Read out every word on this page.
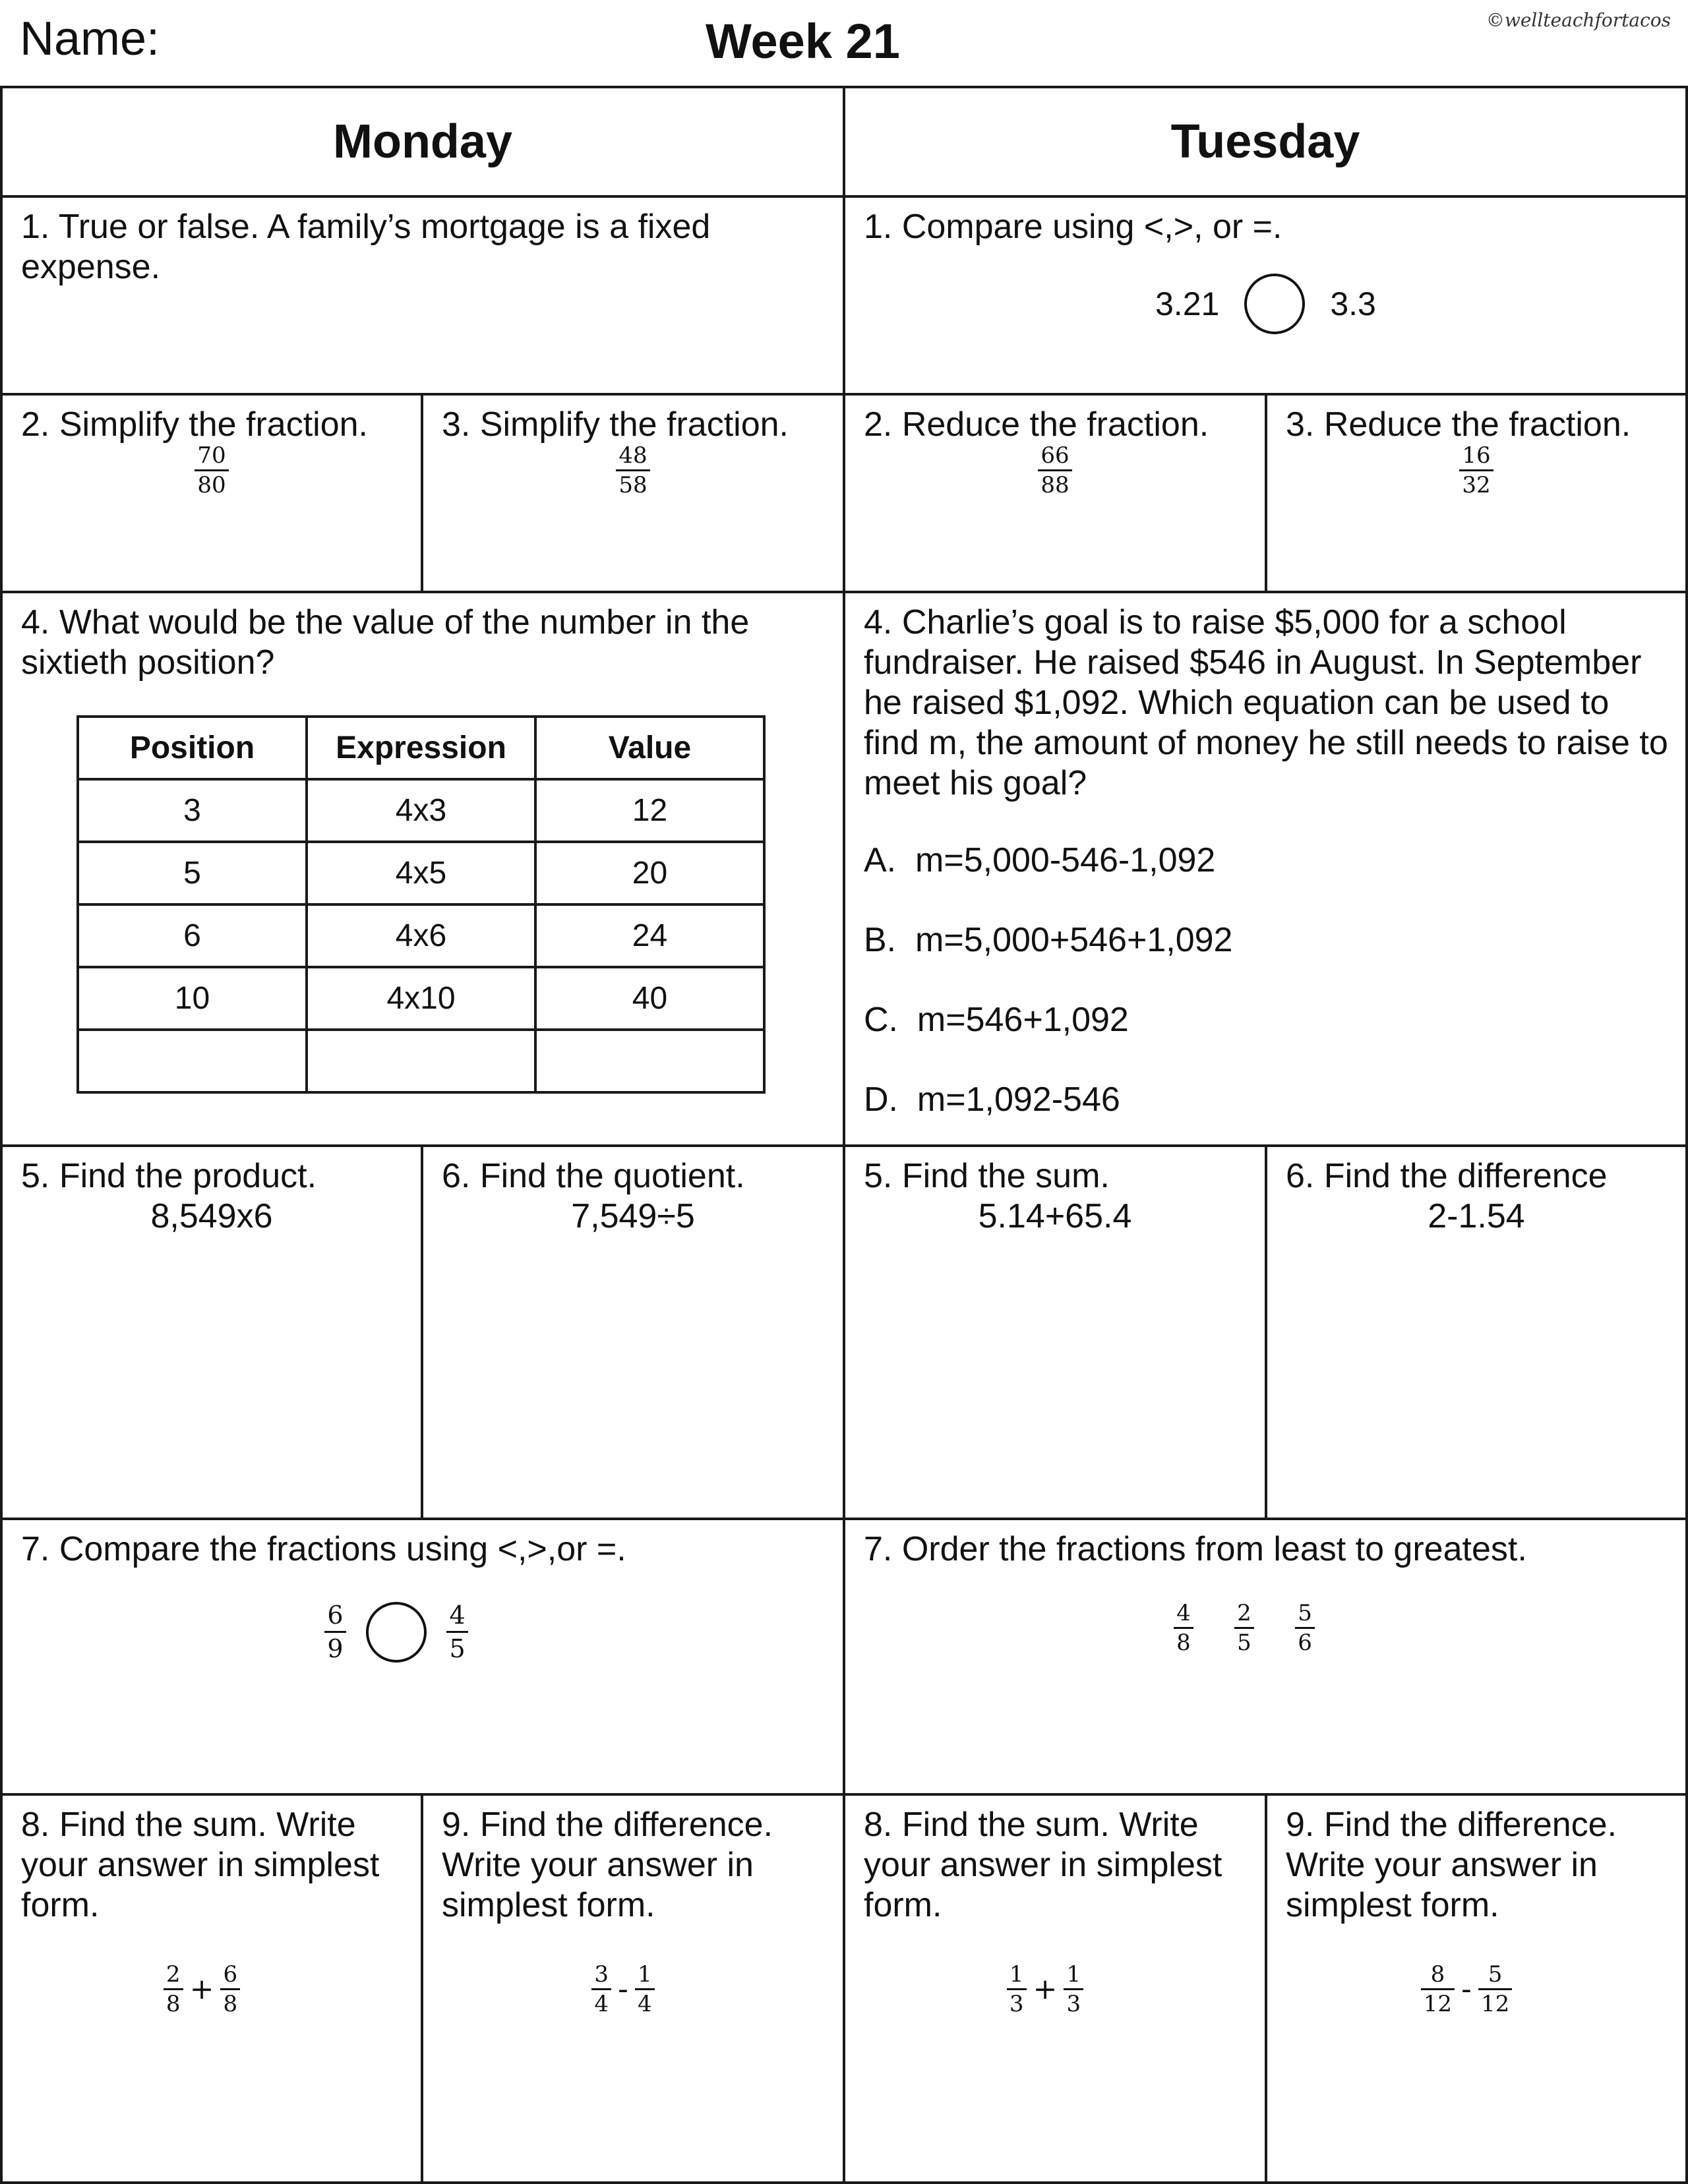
Name:	Week 21	©wellteachfortacos
Monday	Tuesday
1. True or false. A family’s mortgage is a fixed expense.
1. Compare using <,>, or =.
3.21	3.3
2. Simplify the fraction.
$\frac{70}{80}$
3. Simplify the fraction.
$\frac{48}{58}$
2. Reduce the fraction.
$\frac{66}{88}$
3. Reduce the fraction.
$\frac{16}{32}$
4. What would be the value of the number in the sixtieth position?
Position	Expression	Value
3	4x3	12
5	4x5	20
6	4x6	24
10	4x10	40

4. Charlie’s goal is to raise $5,000 for a school fundraiser. He raised $546 in August. In September he raised $1,092. Which equation can be used to find m, the amount of money he still needs to raise to meet his goal?
A.  m=5,000-546-1,092
B.  m=5,000+546+1,092
C.  m=546+1,092
D.  m=1,092-546
5. Find the product.
8,549x6
6. Find the quotient.
7,549÷5
5. Find the sum.
5.14+65.4
6. Find the difference
2-1.54
7. Compare the fractions using <,>,or =.
$\frac{6}{9}$
	$\frac{4}{5}$
7. Order the fractions from least to greatest.
$\frac{4}{8}$
$\frac{2}{5}$
$\frac{5}{6}$
8. Find the sum. Write your answer in simplest form.
$\frac{2}{8} + \frac{6}{8}$
9. Find the difference. Write your answer in simplest form.
$\frac{3}{4} - \frac{1}{4}$
8. Find the sum. Write your answer in simplest form.
$\frac{1}{3} + \frac{1}{3}$
9. Find the difference. Write your answer in simplest form.
$\frac{8}{12} - \frac{5}{12}$
